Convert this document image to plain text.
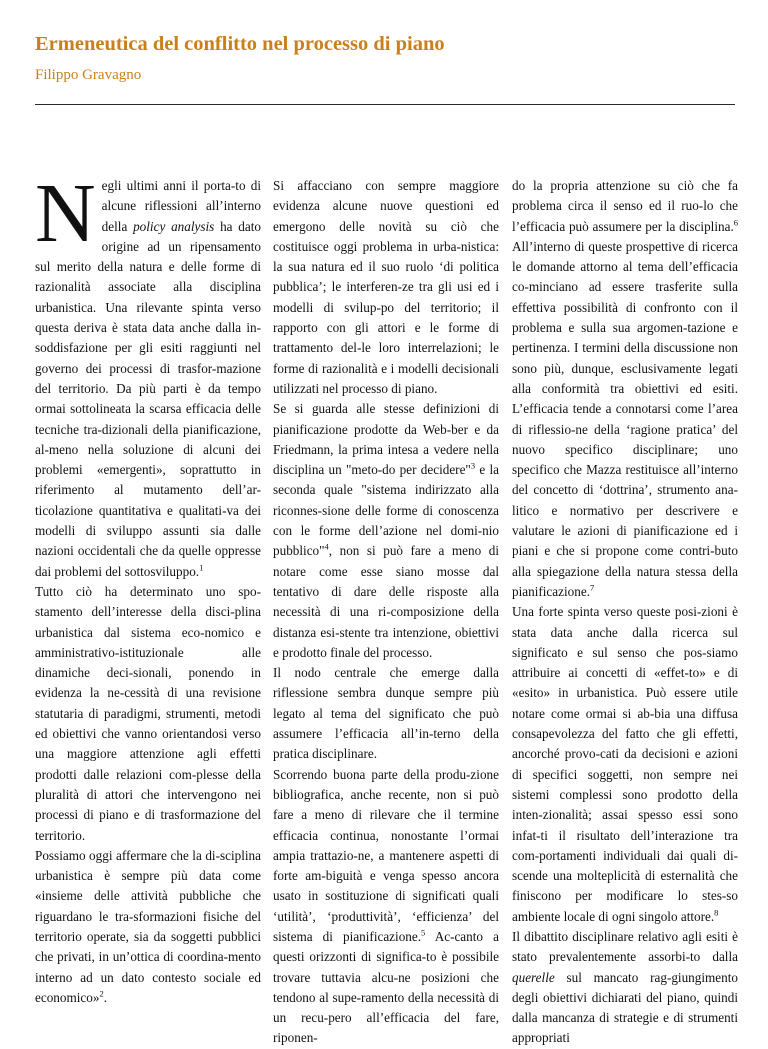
Ermeneutica del conflitto nel processo di piano
Filippo Gravagno

Negli ultimi anni il porta-to di alcune riflessioni all’interno della policy analysis ha dato origine ad un ripensamento sul merito della natura e delle forme di razionalità associate alla disciplina urbanistica. Una rilevante spinta verso questa deriva è stata data anche dalla in-soddisfazione per gli esiti raggiunti nel governo dei processi di trasfor-mazione del territorio. Da più parti è da tempo ormai sottolineata la scarsa efficacia delle tecniche tra-dizionali della pianificazione, al-meno nella soluzione di alcuni dei problemi «emergenti», soprattutto in riferimento al mutamento dell’ar-ticolazione quantitativa e qualitati-va dei modelli di sviluppo assunti sia dalle nazioni occidentali che da quelle oppresse dai problemi del sottosviluppo.$^1$

Tutto ciò ha determinato uno spo-stamento dell’interesse della disci-plina urbanistica dal sistema eco-nomico e amministrativo-istituzionale alle dinamiche deci-sionali, ponendo in evidenza la ne-cessità di una revisione statutaria di paradigmi, strumenti, metodi ed obiettivi che vanno orientandosi verso una maggiore attenzione agli effetti prodotti dalle relazioni com-plesse della pluralità di attori che intervengono nei processi di piano e di trasformazione del territorio.

Possiamo oggi affermare che la di-sciplina urbanistica è sempre più data come «insieme delle attività pubbliche che riguardano le tra-sformazioni fisiche del territorio operate, sia da soggetti pubblici che privati, in un’ottica di coordina-mento interno ad un dato contesto sociale ed economico»$^2$.

Si affacciano con sempre maggiore evidenza alcune nuove questioni ed emergono delle novità su ciò che costituisce oggi problema in urba-nistica: la sua natura ed il suo ruolo ‘di politica pubblica’; le interferen-ze tra gli usi ed i modelli di svilup-po del territorio; il rapporto con gli attori e le forme di trattamento del-le loro interrelazioni; le forme di razionalità e i modelli decisionali utilizzati nel processo di piano.

Se si guarda alle stesse definizioni di pianificazione prodotte da Web-ber e da Friedmann, la prima intesa a vedere nella disciplina un "meto-do per decidere"$^3$ e la seconda quale "sistema indirizzato alla riconnes-sione delle forme di conoscenza con le forme dell’azione nel domi-nio pubblico"$^4$, non si può fare a meno di notare come esse siano mosse dal tentativo di dare delle risposte alla necessità di una ri-composizione della distanza esi-stente tra intenzione, obiettivi e prodotto finale del processo.

Il nodo centrale che emerge dalla riflessione sembra dunque sempre più legato al tema del significato che può assumere l’efficacia all’in-terno della pratica disciplinare.

Scorrendo buona parte della produ-zione bibliografica, anche recente, non si può fare a meno di rilevare che il termine efficacia continua, nonostante l’ormai ampia trattazio-ne, a mantenere aspetti di forte am-biguità e venga spesso ancora usato in sostituzione di significati quali ‘utilità’, ‘produttività’, ‘efficienza’ del sistema di pianificazione.$^5$ Ac-canto a questi orizzonti di significa-to è possibile trovare tuttavia alcu-ne posizioni che tendono al supe-ramento della necessità di un recu-pero all’efficacia del fare, riponen-

do la propria attenzione su ciò che fa problema circa il senso ed il ruo-lo che l’efficacia può assumere per la disciplina.$^6$ All’interno di queste prospettive di ricerca le domande attorno al tema dell’efficacia co-minciano ad essere trasferite sulla effettiva possibilità di confronto con il problema e sulla sua argomen-tazione e pertinenza. I termini della discussione non sono più, dunque, esclusivamente legati alla conformità tra obiettivi ed esiti. L’efficacia tende a connotarsi come l’area di riflessio-ne della ‘ragione pratica’ del nuovo specifico disciplinare; uno specifico che Mazza restituisce all’interno del concetto di ‘dottrina’, strumento ana-litico e normativo per descrivere e valutare le azioni di pianificazione ed i piani e che si propone come contri-buto alla spiegazione della natura stessa della pianificazione.$^7$

Una forte spinta verso queste posi-zioni è stata data anche dalla ricerca sul significato e sul senso che pos-siamo attribuire ai concetti di «effet-to» e di «esito» in urbanistica. Può essere utile notare come ormai si ab-bia una diffusa consapevolezza del fatto che gli effetti, ancorché provo-cati da decisioni e azioni di specifici soggetti, non sempre nei sistemi complessi sono prodotto della inten-zionalità; assai spesso essi sono infat-ti il risultato dell’interazione tra com-portamenti individuali dai quali di-scende una molteplicità di esternalità che finiscono per modificare lo stes-so ambiente locale di ogni singolo attore.$^8$

Il dibattito disciplinare relativo agli esiti è stato prevalentemente assorbi-to dalla querelle sul mancato rag-giungimento degli obiettivi dichiarati del piano, quindi dalla mancanza di strategie e di strumenti appropriati
